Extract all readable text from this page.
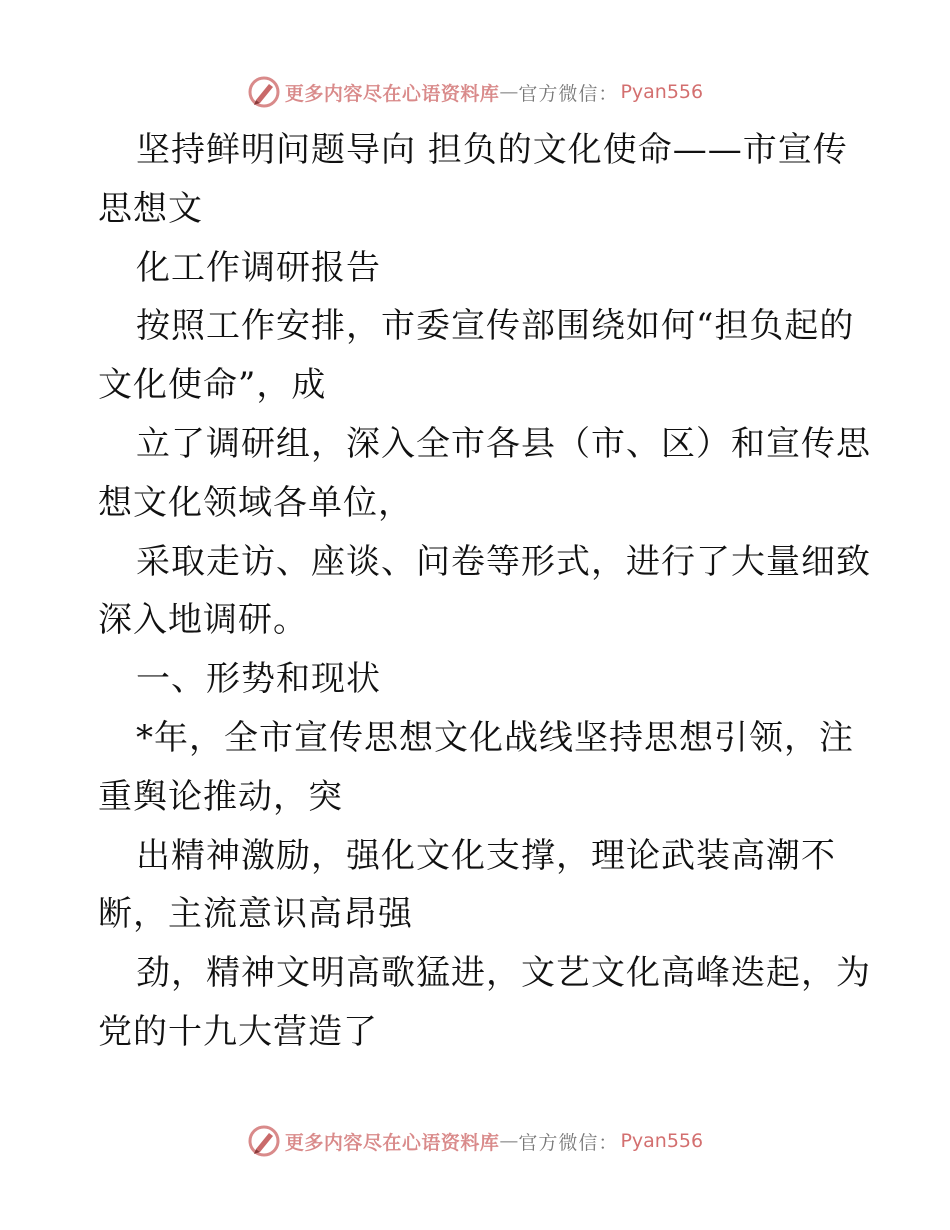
更多内容尽在心语资料库 — 官方微信： Pyan556
坚持鲜明问题导向 担负的文化使命——市宣传
思想文
化工作调研报告
按照工作安排，市委宣传部围绕如何“担负起的
文化使命”，成
立了调研组，深入全市各县（市、区）和宣传思
想文化领域各单位，
采取走访、座谈、问卷等形式，进行了大量细致
深入地调研。
一、形势和现状
*年，全市宣传思想文化战线坚持思想引领，注
重舆论推动，突
出精神激励，强化文化支撑，理论武装高潮不
断，主流意识高昂强
劲，精神文明高歌猛进，文艺文化高峰迭起，为
党的十九大营造了
更多内容尽在心语资料库 — 官方微信： Pyan556
